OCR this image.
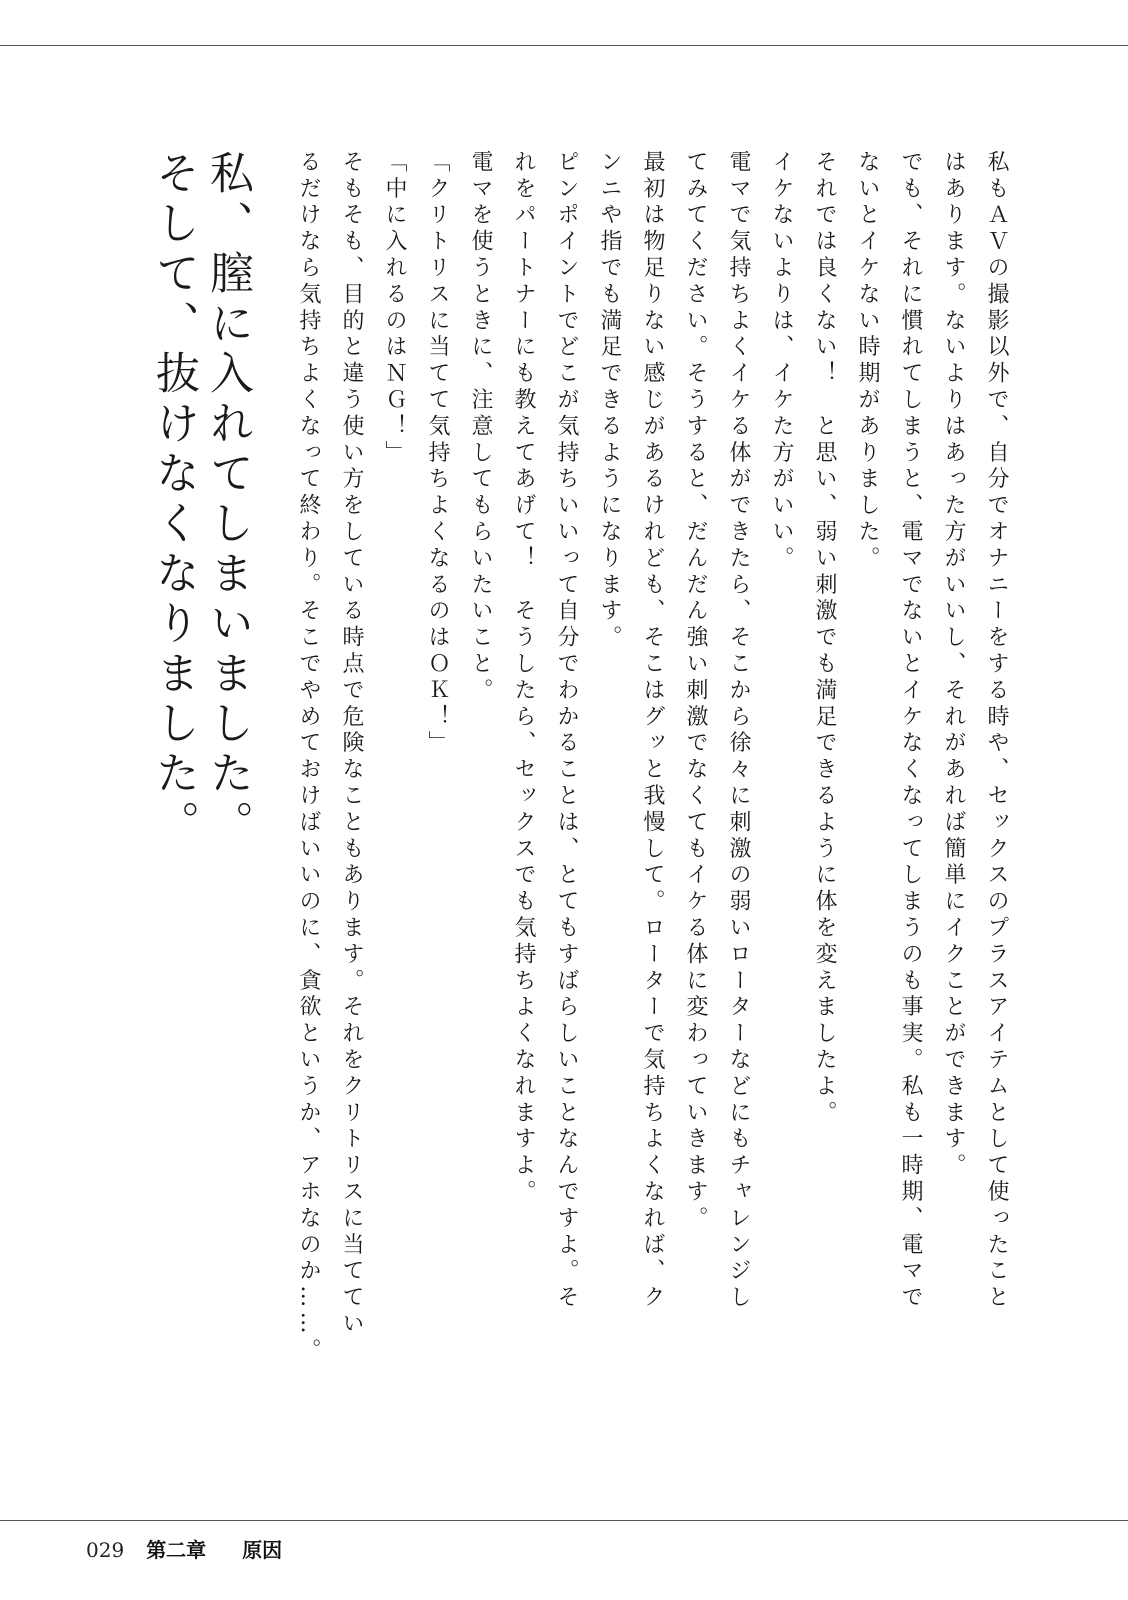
私もＡＶの撮影以外で、自分でオナニーをする時や、セックスのプラスアイテムとして使ったこと
はあります。ないよりはあった方がいいし、それがあれば簡単にイクことができます。
でも、それに慣れてしまうと、電マでないとイケなくなってしまうのも事実。私も一時期、電マで
ないとイケない時期がありました。
それでは良くない！　と思い、弱い刺激でも満足できるように体を変えましたよ。
イケないよりは、イケた方がいい。
電マで気持ちよくイケる体ができたら、そこから徐々に刺激の弱いローターなどにもチャレンジし
てみてください。そうすると、だんだん強い刺激でなくてもイケる体に変わっていきます。
最初は物足りない感じがあるけれども、そこはグッと我慢して。ローターで気持ちよくなれば、ク
ンニや指でも満足できるようになります。
ピンポイントでどこが気持ちいいって自分でわかることは、とてもすばらしいことなんですよ。そ
れをパートナーにも教えてあげて！　そうしたら、セックスでも気持ちよくなれますよ。
電マを使うときに、注意してもらいたいこと。
「クリトリスに当てて気持ちよくなるのはＯＫ！」
「中に入れるのはＮＧ！」
そもそも、目的と違う使い方をしている時点で危険なこともあります。それをクリトリスに当ててい
るだけなら気持ちよくなって終わり。そこでやめておけばいいのに、貪欲というか、アホなのか……。
私、膣に入れてしまいました。
そして、抜けなくなりました。
029 第二章 原因
